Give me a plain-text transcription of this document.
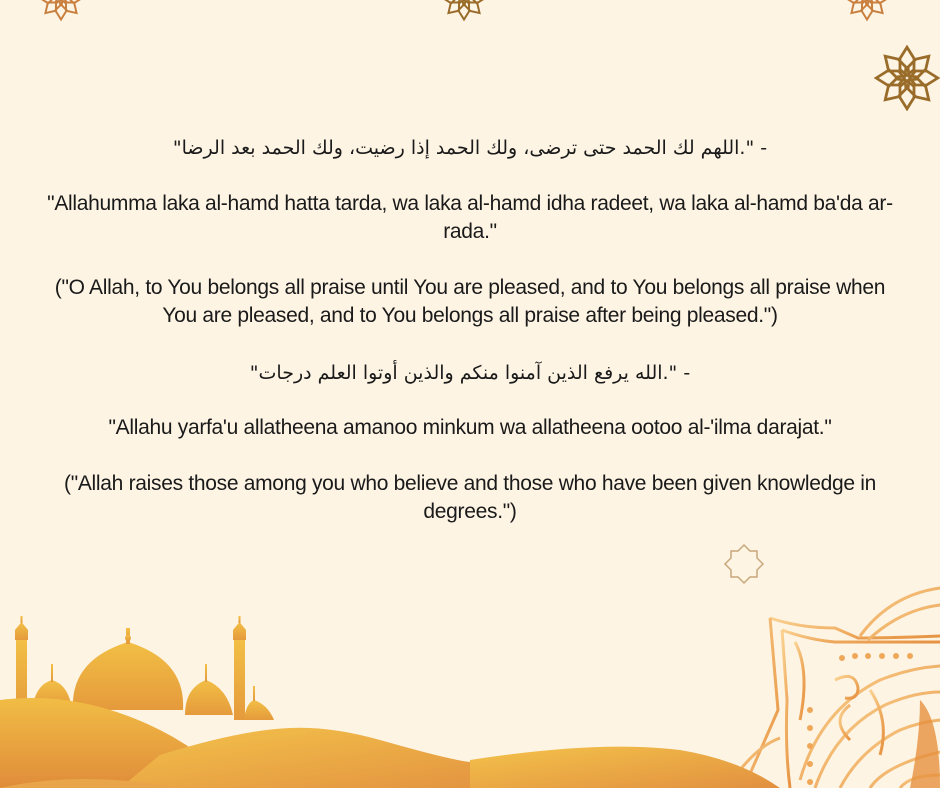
- ".اللهم لك الحمد حتى ترضى، ولك الحمد إذا رضيت، ولك الحمد بعد الرضا"
"Allahumma laka al-hamd hatta tarda, wa laka al-hamd idha radeet, wa laka al-hamd ba'da ar-
rada."
("O Allah, to You belongs all praise until You are pleased, and to You belongs all praise when
You are pleased, and to You belongs all praise after being pleased.")
- ".الله يرفع الذين آمنوا منكم والذين أوتوا العلم درجات"
"Allahu yarfa'u allatheena amanoo minkum wa allatheena ootoo al-'ilma darajat."
("Allah raises those among you who believe and those who have been given knowledge in
degrees.")
